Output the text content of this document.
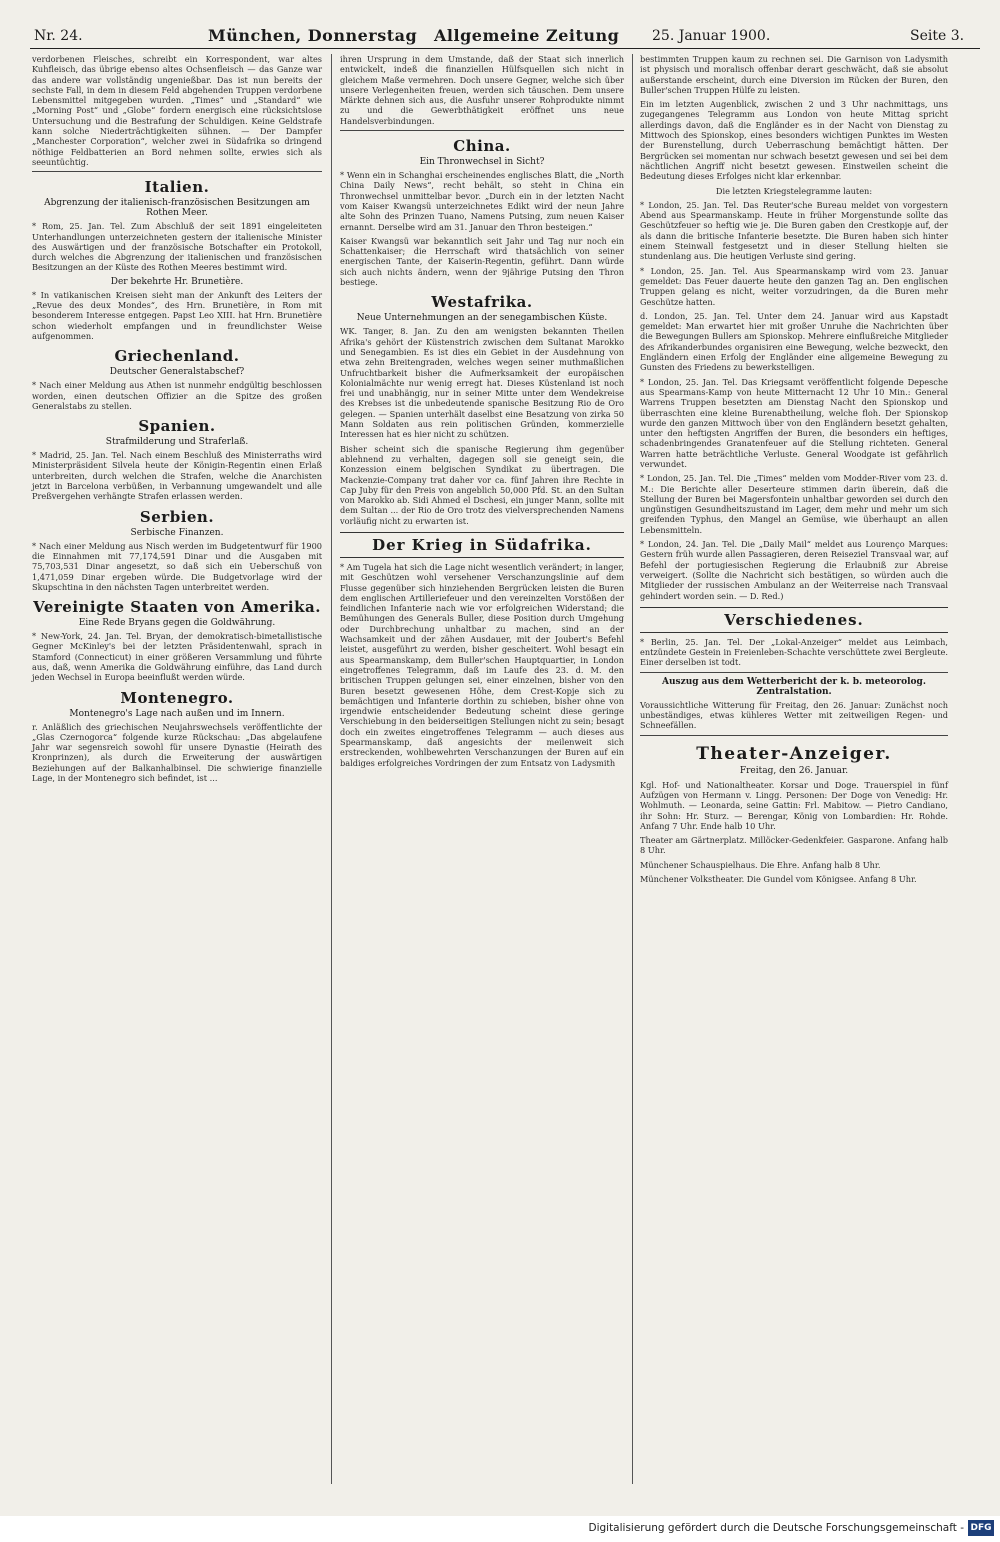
Nr. 24.	München, Donnerstag Allgemeine Zeitung 25. Januar 1900.	Seite 3.

verdorbenen Fleisches, schreibt ein Korrespondent, war altes Kuhfleisch, das übrige ebenso altes Ochsenfleisch — das Ganze war das andere war vollständig ungenießbar. Das ist nun bereits der sechste Fall, in dem in diesem Feld abgehenden Truppen verdorbene Lebensmittel mitgegeben wurden. „Times“ und „Standard“ wie „Morning Post“ und „Globe“ fordern energisch eine rücksichtslose Untersuchung und die Bestrafung der Schuldigen. Keine Geldstrafe kann solche Niederträchtigkeiten sühnen. — Der Dampfer „Manchester Corporation“, welcher zwei in Südafrika so dringend nöthige Feldbatterien an Bord nehmen sollte, erwies sich als seeuntüchtig.

Italien.
Abgrenzung der italienisch-französischen Besitzungen am Rothen Meer.

* Rom, 25. Jan. Tel. Zum Abschluß der seit 1891 eingeleiteten Unterhandlungen unterzeichneten gestern der italienische Minister des Auswärtigen und der französische Botschafter ein Protokoll, durch welches die Abgrenzung der italienischen und französischen Besitzungen an der Küste des Rothen Meeres bestimmt wird.

Der bekehrte Hr. Brunetière.

* In vatikanischen Kreisen sieht man der Ankunft des Leiters der „Revue des deux Mondes“, des Hrn. Brunetière, in Rom mit besonderem Interesse entgegen. Papst Leo XIII. hat Hrn. Brunetière schon wiederholt empfangen und in freundlichster Weise aufgenommen.

Griechenland.
Deutscher Generalstabschef?

* Nach einer Meldung aus Athen ist nunmehr endgültig beschlossen worden, einen deutschen Offizier an die Spitze des großen Generalstabs zu stellen.

Spanien.
Strafmilderung und Straferlaß.

* Madrid, 25. Jan. Tel. Nach einem Beschluß des Ministerraths wird Ministerpräsident Silvela heute der Königin-Regentin einen Erlaß unterbreiten, durch welchen die Strafen, welche die Anarchisten jetzt in Barcelona verbüßen, in Verbannung umgewandelt und alle Preßvergehen verhängte Strafen erlassen werden.

Serbien.
Serbische Finanzen.

* Nach einer Meldung aus Nisch werden im Budgetentwurf für 1900 die Einnahmen mit 77,174,591 Dinar und die Ausgaben mit 75,703,531 Dinar angesetzt, so daß sich ein Ueberschuß von 1,471,059 Dinar ergeben würde. Die Budgetvorlage wird der Skupschtina in den nächsten Tagen unterbreitet werden.

Vereinigte Staaten von Amerika.
Eine Rede Bryans gegen die Goldwährung.

* New-York, 24. Jan. Tel. Bryan, der demokratisch-bimetallistische Gegner McKinley's bei der letzten Präsidentenwahl, sprach in Stamford (Connecticut) in einer größeren Versammlung und führte aus, daß, wenn Amerika die Goldwährung einführe, das Land durch jeden Wechsel in Europa beeinflußt werden würde.

Montenegro.
Montenegro's Lage nach außen und im Innern.

r. Anläßlich des griechischen Neujahrswechsels veröffentlichte der „Glas Czernogorca“ folgende kurze Rückschau: „Das abgelaufene Jahr war segensreich sowohl für unsere Dynastie (Heirath des Kronprinzen), als durch die Erweiterung der auswärtigen Beziehungen auf der Balkanhalbinsel. Die schwierige finanzielle Lage, in der Montenegro sich befindet, ist ...

ihren Ursprung in dem Umstande, daß der Staat sich innerlich entwickelt, indeß die finanziellen Hülfsquellen sich nicht in gleichem Maße vermehren. Doch unsere Gegner, welche sich über unsere Verlegenheiten freuen, werden sich täuschen. Dem unsere Märkte dehnen sich aus, die Ausfuhr unserer Rohprodukte nimmt zu und die Gewerbthätigkeit eröffnet uns neue Handelsverbindungen.

China.
Ein Thronwechsel in Sicht?

* Wenn ein in Schanghai erscheinendes englisches Blatt, die „North China Daily News“, recht behält, so steht in China ein Thronwechsel unmittelbar bevor. „Durch ein in der letzten Nacht vom Kaiser Kwangsü unterzeichnetes Edikt wird der neun Jahre alte Sohn des Prinzen Tuano, Namens Putsing, zum neuen Kaiser ernannt. Derselbe wird am 31. Januar den Thron besteigen.“

Kaiser Kwangsü war bekanntlich seit Jahr und Tag nur noch ein Schattenkaiser; die Herrschaft wird thatsächlich von seiner energischen Tante, der Kaiserin-Regentin, geführt. Dann würde sich auch nichts ändern, wenn der 9jährige Putsing den Thron bestiege.

Westafrika.
Neue Unternehmungen an der senegambischen Küste.

WK. Tanger, 8. Jan. Zu den am wenigsten bekannten Theilen Afrika's gehört der Küstenstrich zwischen dem Sultanat Marokko und Senegambien. Es ist dies ein Gebiet in der Ausdehnung von etwa zehn Breitengraden, welches wegen seiner muthmaßlichen Unfruchtbarkeit bisher die Aufmerksamkeit der europäischen Kolonialmächte nur wenig erregt hat. Dieses Küstenland ist noch frei und unabhängig, nur in seiner Mitte unter dem Wendekreise des Krebses ist die unbedeutende spanische Besitzung Rio de Oro gelegen. — Spanien unterhält daselbst eine Besatzung von zirka 50 Mann Soldaten aus rein politischen Gründen, kommerzielle Interessen hat es hier nicht zu schützen.

Bisher scheint sich die spanische Regierung ihm gegenüber ablehnend zu verhalten, dagegen soll sie geneigt sein, die Konzession einem belgischen Syndikat zu übertragen. Die Mackenzie-Company trat daher vor ca. fünf Jahren ihre Rechte in Cap Juby für den Preis von angeblich 50,000 Pfd. St. an den Sultan von Marokko ab. Sidi Ahmed el Dschesi, ein junger Mann, sollte mit dem Sultan ... der Rio de Oro trotz des vielversprechenden Namens vorläufig nicht zu erwarten ist.

Der Krieg in Südafrika.

* Am Tugela hat sich die Lage nicht wesentlich verändert; in langer, mit Geschützen wohl versehener Verschanzungslinie auf dem Flusse gegenüber sich hinziehenden Bergrücken leisten die Buren dem englischen Artilleriefeuer und den vereinzelten Vorstößen der feindlichen Infanterie nach wie vor erfolgreichen Widerstand; die Bemühungen des Generals Buller, diese Position durch Umgehung oder Durchbrechung unhaltbar zu machen, sind an der Wachsamkeit und der zähen Ausdauer, mit der Joubert's Befehl leistet, ausgeführt zu werden, bisher gescheitert. Wohl besagt ein aus Spearmanskamp, dem Buller'schen Hauptquartier, in London eingetroffenes Telegramm, daß im Laufe des 23. d. M. den britischen Truppen gelungen sei, einer einzelnen, bisher von den Buren besetzt gewesenen Höhe, dem Crest-Kopje sich zu bemächtigen und Infanterie dorthin zu schieben, bisher ohne von irgendwie entscheidender Bedeutung scheint diese geringe Verschiebung in den beiderseitigen Stellungen nicht zu sein; besagt doch ein zweites eingetroffenes Telegramm — auch dieses aus Spearmanskamp, daß angesichts der meilenweit sich erstreckenden, wohlbewehrten Verschanzungen der Buren auf ein baldiges erfolgreiches Vordringen der zum Entsatz von Ladysmith

bestimmten Truppen kaum zu rechnen sei. Die Garnison von Ladysmith ist physisch und moralisch offenbar derart geschwächt, daß sie absolut außerstande erscheint, durch eine Diversion im Rücken der Buren, den Buller'schen Truppen Hülfe zu leisten.

Ein im letzten Augenblick, zwischen 2 und 3 Uhr nachmittags, uns zugegangenes Telegramm aus London von heute Mittag spricht allerdings davon, daß die Engländer es in der Nacht von Dienstag zu Mittwoch des Spionskop, eines besonders wichtigen Punktes im Westen der Burenstellung, durch Ueberraschung bemächtigt hätten. Der Bergrücken sei momentan nur schwach besetzt gewesen und sei bei dem nächtlichen Angriff nicht besetzt gewesen. Einstweilen scheint die Bedeutung dieses Erfolges nicht klar erkennbar.

Die letzten Kriegstelegramme lauten:

* London, 25. Jan. Tel. Das Reuter'sche Bureau meldet von vorgestern Abend aus Spearmanskamp. Heute in früher Morgenstunde sollte das Geschützfeuer so heftig wie je. Die Buren gaben den Crestkopje auf, der als dann die britische Infanterie besetzte. Die Buren haben sich hinter einem Steinwall festgesetzt und in dieser Stellung hielten sie stundenlang aus. Die heutigen Verluste sind gering.

* London, 25. Jan. Tel. Aus Spearmanskamp wird vom 23. Januar gemeldet: Das Feuer dauerte heute den ganzen Tag an. Den englischen Truppen gelang es nicht, weiter vorzudringen, da die Buren mehr Geschütze hatten.

d. London, 25. Jan. Tel. Unter dem 24. Januar wird aus Kapstadt gemeldet: Man erwartet hier mit großer Unruhe die Nachrichten über die Bewegungen Bullers am Spionskop. Mehrere einflußreiche Mitglieder des Afrikanderbundes organisiren eine Bewegung, welche bezweckt, den Engländern einen Erfolg der Engländer eine allgemeine Bewegung zu Gunsten des Friedens zu bewerkstelligen.

* London, 25. Jan. Tel. Das Kriegsamt veröffentlicht folgende Depesche aus Spearmans-Kamp von heute Mitternacht 12 Uhr 10 Min.: General Warrens Truppen besetzten am Dienstag Nacht den Spionskop und überraschten eine kleine Burenabtheilung, welche floh. Der Spionskop wurde den ganzen Mittwoch über von den Engländern besetzt gehalten, unter den heftigsten Angriffen der Buren, die besonders ein heftiges, schadenbringendes Granatenfeuer auf die Stellung richteten. General Warren hatte beträchtliche Verluste. General Woodgate ist gefährlich verwundet.

* London, 25. Jan. Tel. Die „Times“ melden vom Modder-River vom 23. d. M.: Die Berichte aller Deserteure stimmen darin überein, daß die Stellung der Buren bei Magersfontein unhaltbar geworden sei durch den ungünstigen Gesundheitszustand im Lager, dem mehr und mehr um sich greifenden Typhus, den Mangel an Gemüse, wie überhaupt an allen Lebensmitteln.

* London, 24. Jan. Tel. Die „Daily Mail“ meldet aus Lourenço Marques: Gestern früh wurde allen Passagieren, deren Reiseziel Transvaal war, auf Befehl der portugiesischen Regierung die Erlaubniß zur Abreise verweigert. (Sollte die Nachricht sich bestätigen, so würden auch die Mitglieder der russischen Ambulanz an der Weiterreise nach Transvaal gehindert worden sein. — D. Red.)

Verschiedenes.

* Berlin, 25. Jan. Tel. Der „Lokal-Anzeiger“ meldet aus Leimbach, entzündete Gestein in Freienleben-Schachte verschüttete zwei Bergleute. Einer derselben ist todt.

Auszug aus dem Wetterbericht der k. b. meteorolog. Zentralstation.

Voraussichtliche Witterung für Freitag, den 26. Januar: Zunächst noch unbeständiges, etwas kühleres Wetter mit zeitweiligen Regen- und Schneefällen.

Theater-Anzeiger.
Freitag, den 26. Januar.

Kgl. Hof- und Nationaltheater. Korsar und Doge. Trauerspiel in fünf Aufzügen von Hermann v. Lingg. Personen: Der Doge von Venedig: Hr. Wohlmuth. — Leonarda, seine Gattin: Frl. Mabitow. — Pietro Candiano, ihr Sohn: Hr. Sturz. — Berengar, König von Lombardien: Hr. Rohde. Anfang 7 Uhr. Ende halb 10 Uhr.

Theater am Gärtnerplatz. Millöcker-Gedenkfeier. Gasparone. Anfang halb 8 Uhr.

Münchener Schauspielhaus. Die Ehre. Anfang halb 8 Uhr.

Münchener Volkstheater. Die Gundel vom Königsee. Anfang 8 Uhr.

Digitalisierung gefördert durch die Deutsche Forschungsgemeinschaft - DFG
